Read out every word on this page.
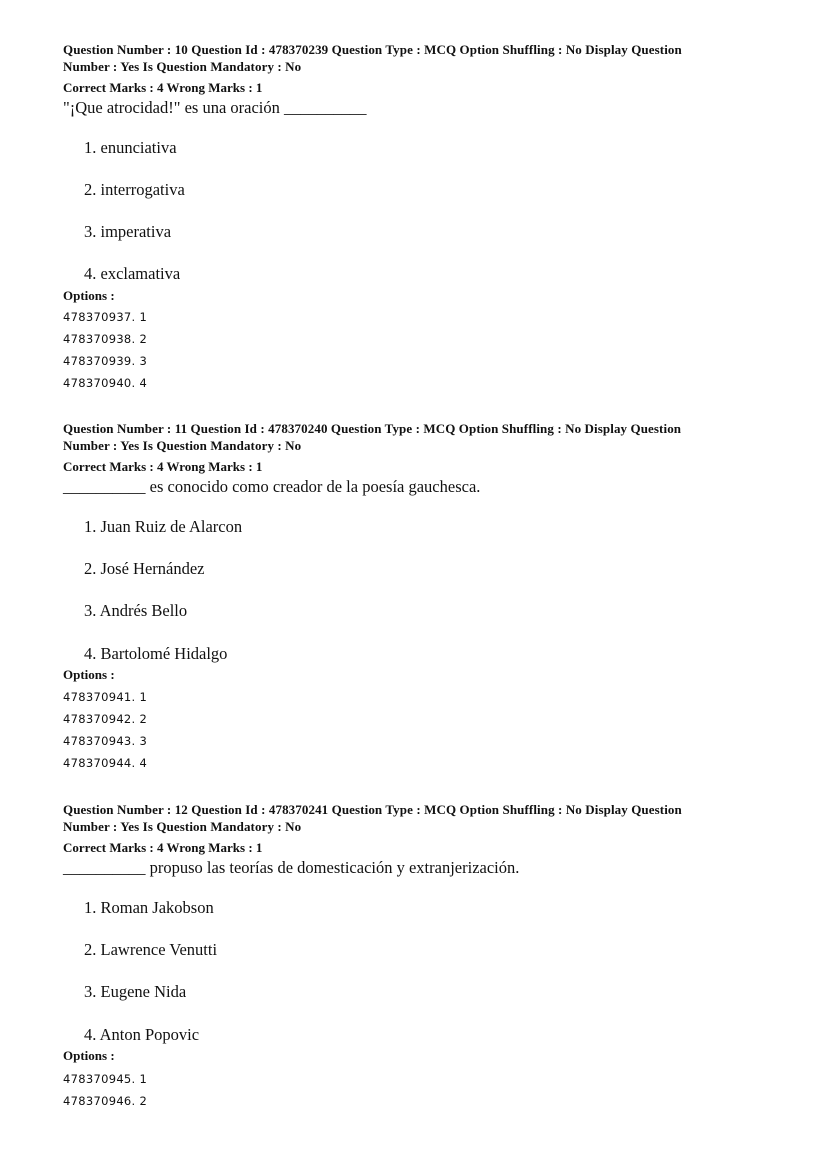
Question Number : 10 Question Id : 478370239 Question Type : MCQ Option Shuffling : No Display Question
Number : Yes Is Question Mandatory : No
Correct Marks : 4 Wrong Marks : 1
"¡Que atrocidad!" es una oración __________
1. enunciativa
2. interrogativa
3. imperativa
4. exclamativa
Options :
478370937. 1
478370938. 2
478370939. 3
478370940. 4
Question Number : 11 Question Id : 478370240 Question Type : MCQ Option Shuffling : No Display Question
Number : Yes Is Question Mandatory : No
Correct Marks : 4 Wrong Marks : 1
__________ es conocido como creador de la poesía gauchesca.
1. Juan Ruiz de Alarcon
2. José Hernández
3. Andrés Bello
4. Bartolomé Hidalgo
Options :
478370941. 1
478370942. 2
478370943. 3
478370944. 4
Question Number : 12 Question Id : 478370241 Question Type : MCQ Option Shuffling : No Display Question
Number : Yes Is Question Mandatory : No
Correct Marks : 4 Wrong Marks : 1
__________ propuso las teorías de domesticación y extranjerización.
1. Roman Jakobson
2. Lawrence Venutti
3. Eugene Nida
4. Anton Popovic
Options :
478370945. 1
478370946. 2
